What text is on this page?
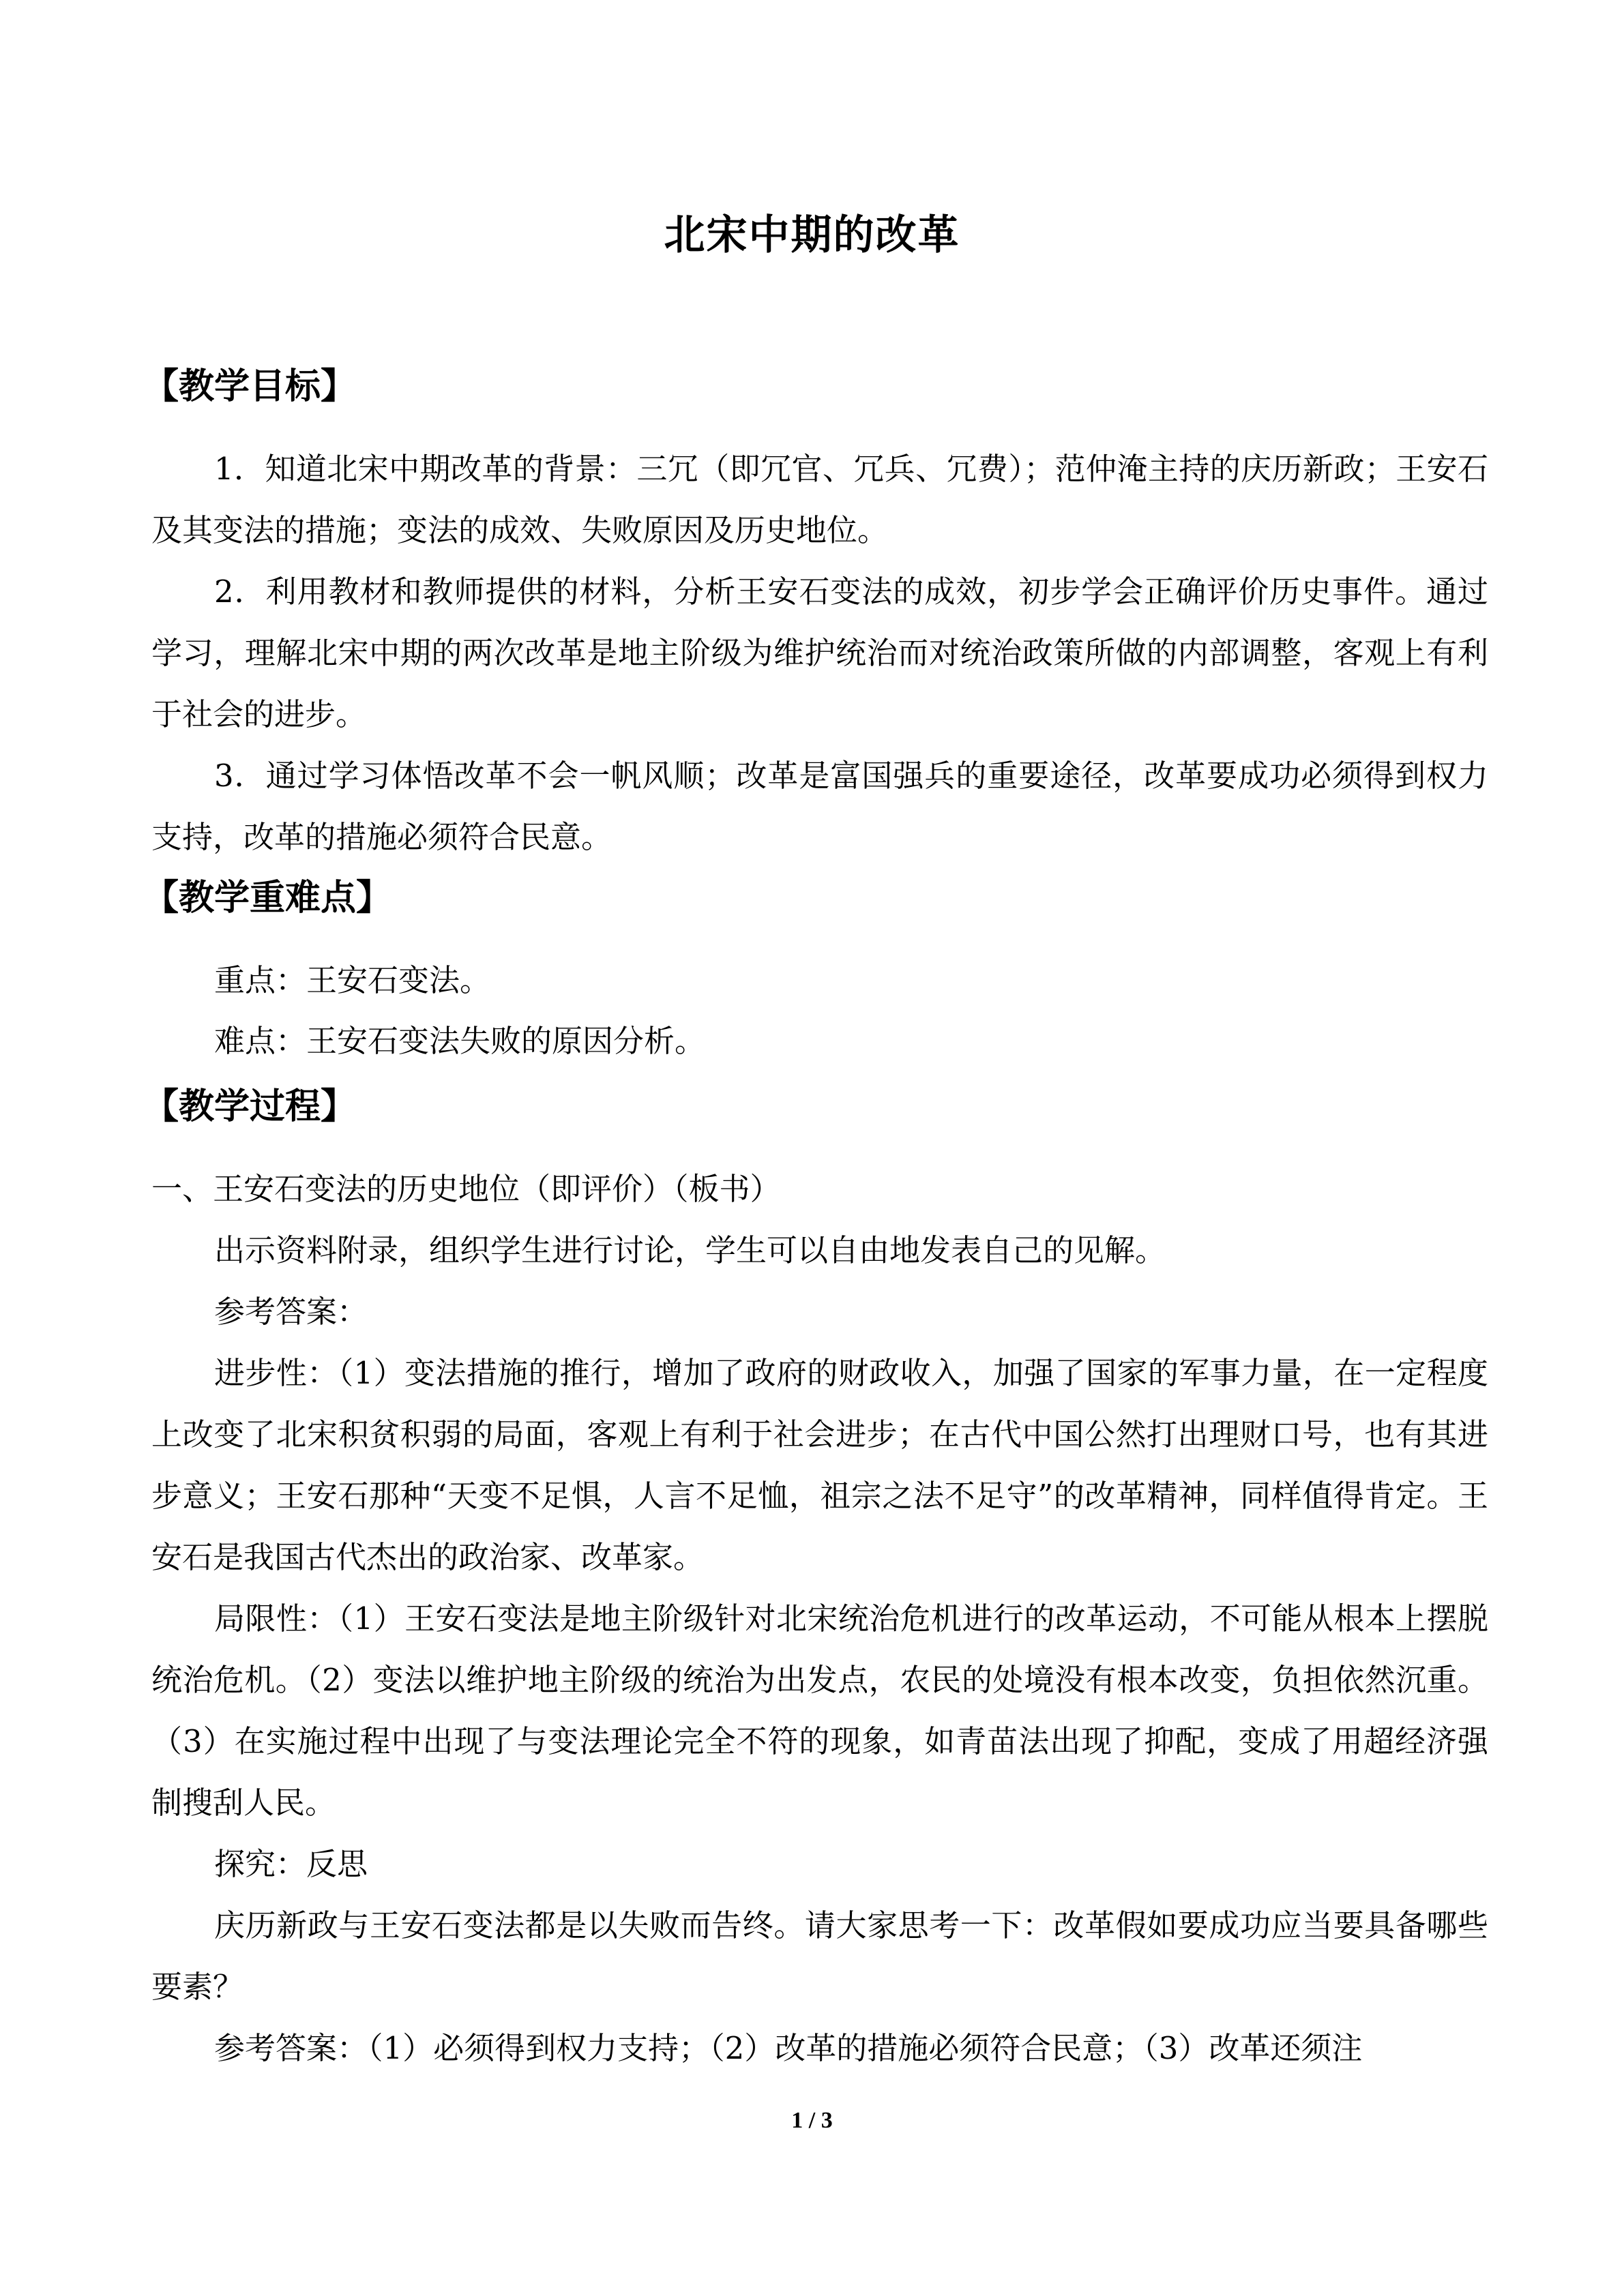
北宋中期的改革
【教学目标】

1．知道北宋中期改革的背景：三冗（即冗官、冗兵、冗费）；范仲淹主持的庆历新政；王安石及其变法的措施；变法的成效、失败原因及历史地位。

2．利用教材和教师提供的材料，分析王安石变法的成效，初步学会正确评价历史事件。通过学习，理解北宋中期的两次改革是地主阶级为维护统治而对统治政策所做的内部调整，客观上有利于社会的进步。

3．通过学习体悟改革不会一帆风顺；改革是富国强兵的重要途径，改革要成功必须得到权力支持，改革的措施必须符合民意。

【教学重难点】
重点：王安石变法。
难点：王安石变法失败的原因分析。
【教学过程】
一、王安石变法的历史地位（即评价）（板书）
出示资料附录，组织学生进行讨论，学生可以自由地发表自己的见解。
参考答案：

进步性：（1）变法措施的推行，增加了政府的财政收入，加强了国家的军事力量，在一定程度上改变了北宋积贫积弱的局面，客观上有利于社会进步；在古代中国公然打出理财口号，也有其进步意义；王安石那种“天变不足惧，人言不足恤，祖宗之法不足守”的改革精神，同样值得肯定。王安石是我国古代杰出的政治家、改革家。

局限性：（1）王安石变法是地主阶级针对北宋统治危机进行的改革运动，不可能从根本上摆脱统治危机。（2）变法以维护地主阶级的统治为出发点，农民的处境没有根本改变，负担依然沉重。（3）在实施过程中出现了与变法理论完全不符的现象，如青苗法出现了抑配，变成了用超经济强制搜刮人民。

探究：反思

庆历新政与王安石变法都是以失败而告终。请大家思考一下：改革假如要成功应当要具备哪些要素？

参考答案：（1）必须得到权力支持；（2）改革的措施必须符合民意；（3）改革还须注

1 / 3
